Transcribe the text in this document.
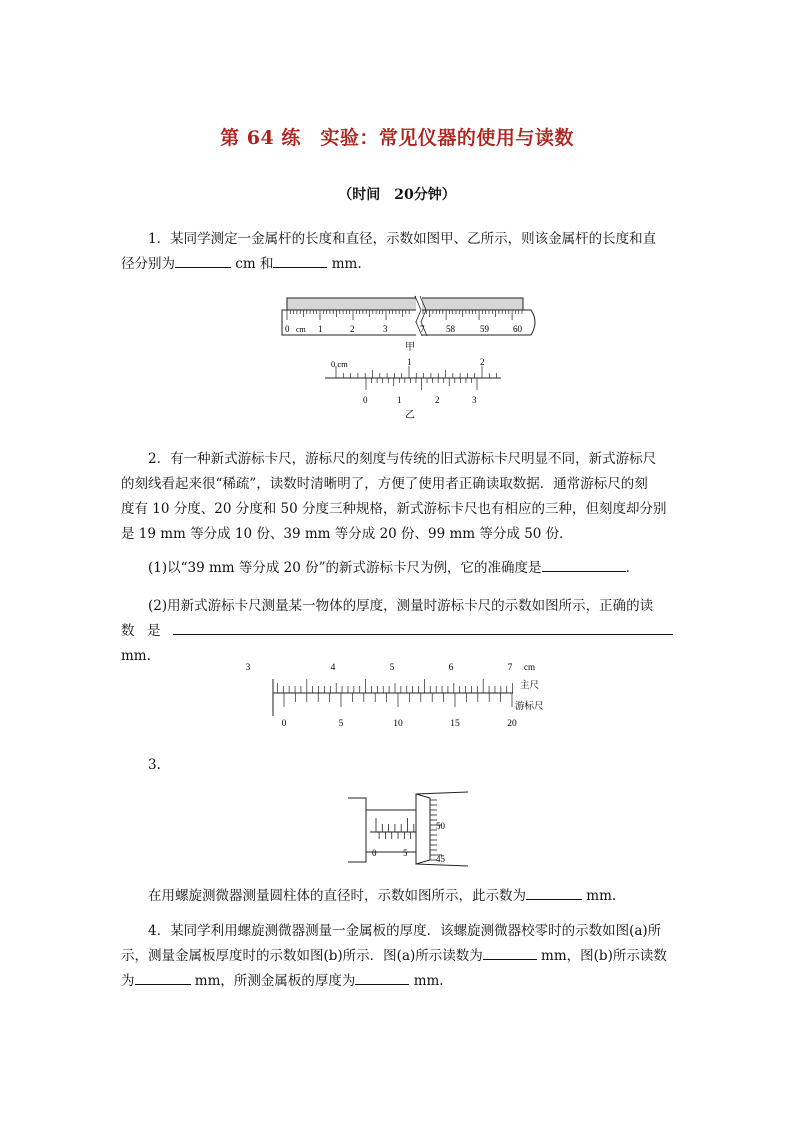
第 64 练　实验：常见仪器的使用与读数
（时间　20分钟）
1．某同学测定一金属杆的长度和直径，示数如图甲、乙所示，则该金属杆的长度和直
径分别为	cm 和	mm.
0 cm 1	2	3	7 58	59	60
甲
0 cm	1	2
0	1	2	3
乙
2．有一种新式游标卡尺，游标尺的刻度与传统的旧式游标卡尺明显不同，新式游标尺
的刻线看起来很“稀疏”，读数时清晰明了，方便了使用者正确读取数据．通常游标尺的刻
度有 10 分度、20 分度和 50 分度三种规格，新式游标卡尺也有相应的三种，但刻度却分别
是 19 mm 等分成 10 份、39 mm 等分成 20 份、99 mm 等分成 50 份．
(1)以“39 mm 等分成 20 份”的新式游标卡尺为例，它的准确度是	．
(2)用新式游标卡尺测量某一物体的厚度，测量时游标卡尺的示数如图所示，正确的读
数是mm.
3	4	5	6	7 cm
主尺
游标尺
0	5	10	15	20
3.
0	5
50
45
在用螺旋测微器测量圆柱体的直径时，示数如图所示，此示数为	mm.
4．某同学利用螺旋测微器测量一金属板的厚度．该螺旋测微器校零时的示数如图(a)所
示，测量金属板厚度时的示数如图(b)所示．图(a)所示读数为	mm，图(b)所示读数
为	mm，所测金属板的厚度为	mm.
